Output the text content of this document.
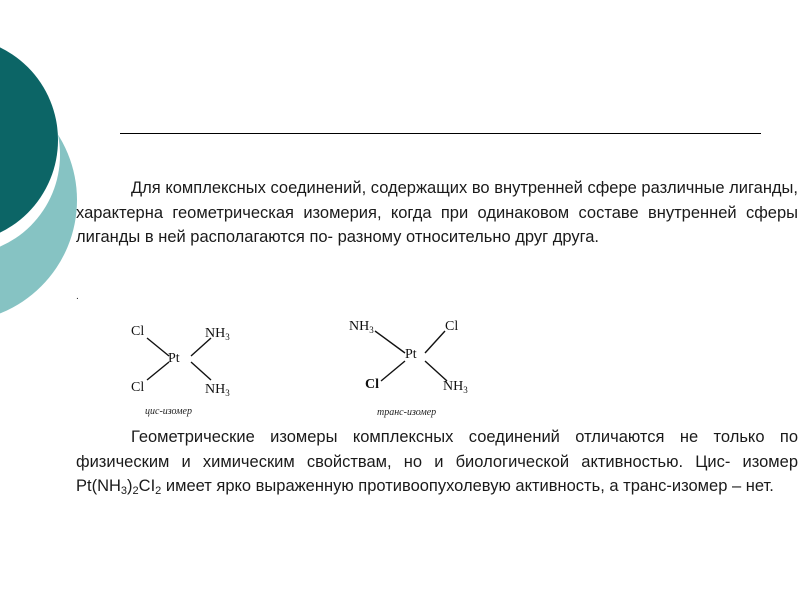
Для комплексных соединений, содержащих во внутренней сфере различные лиганды, характерна геометрическая изомерия, когда при одинаковом составе внутренней сферы лиганды в ней располагаются по- разному относительно друг друга.
.
Cl	$NH_3$
Pt
Cl	$NH_3$
цис-изомер
$NH_3$	Cl
Pt
Cl	$NH_3$
транс-изомер
Геометрические изомеры комплексных соединений отличаются не только по физическим и химическим свойствам, но и биологической активностью. Цис- изомер $Pt(NH_3)_2CI_2$ имеет ярко выраженную противоопухолевую активность, а транс-изомер – нет.
